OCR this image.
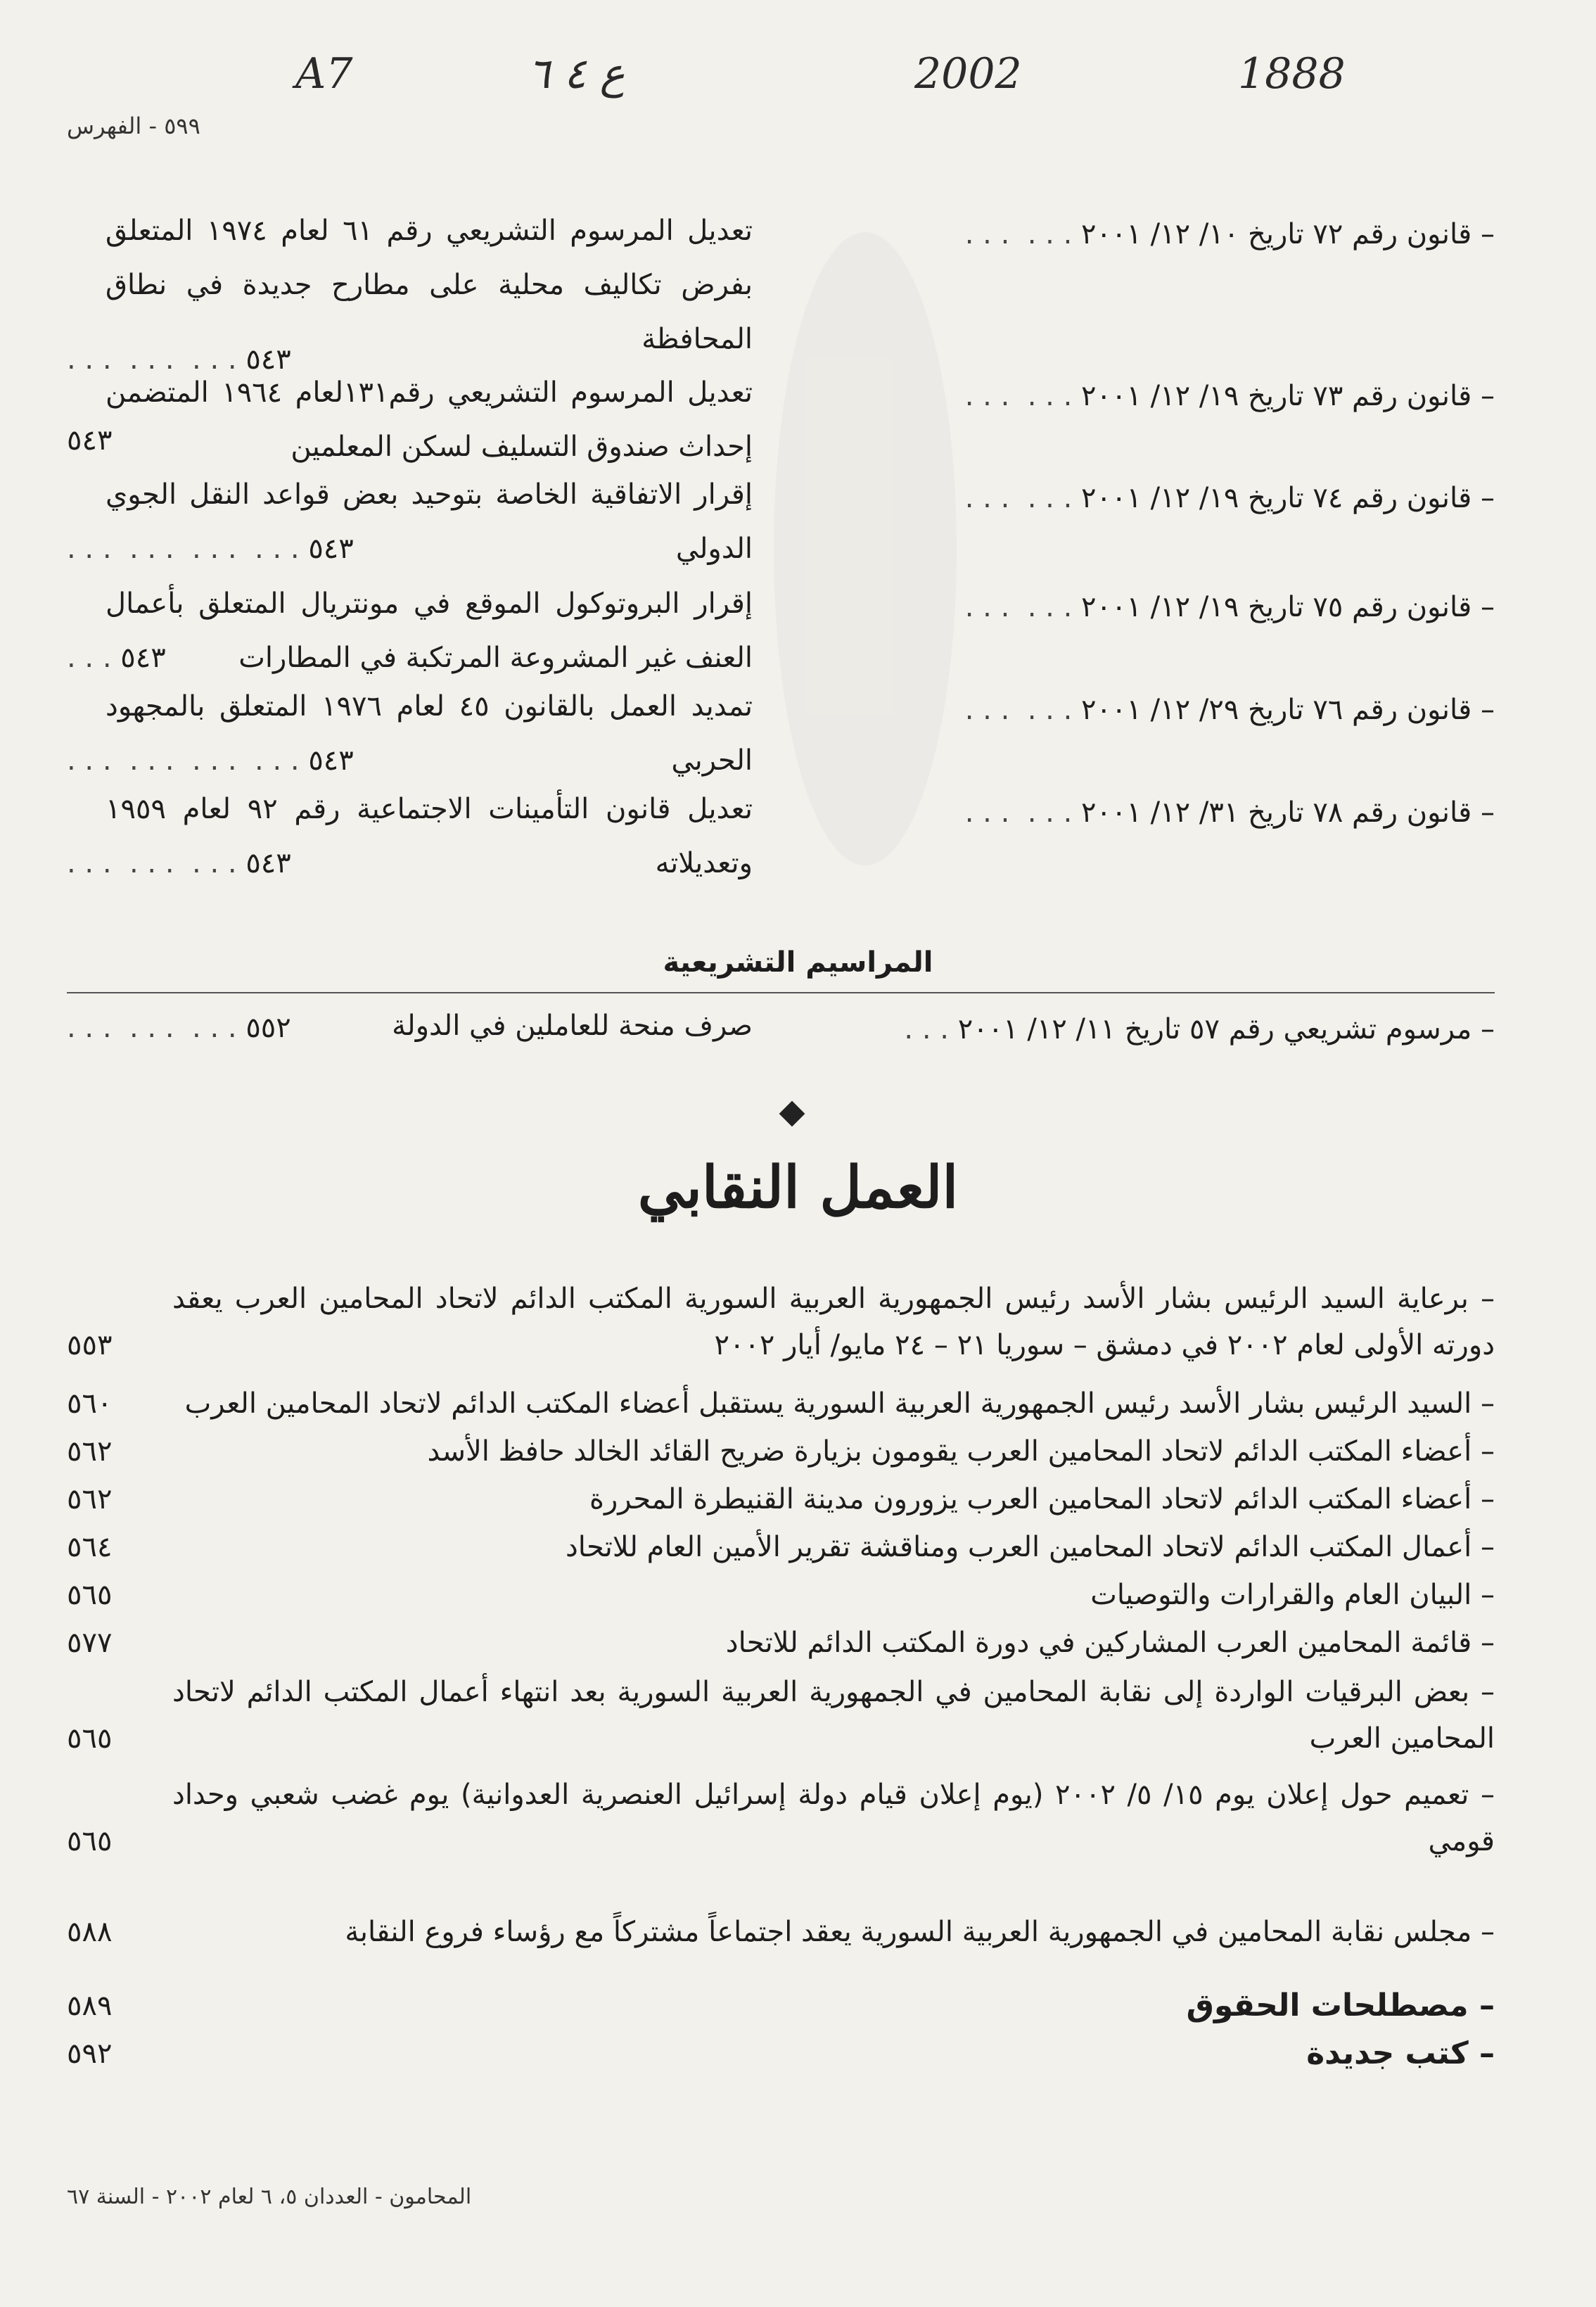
1888
2002
ع ٤ ٦
A7
٥٩٩ - الفهرس
– قانون رقم ٧٢ تاريخ ١٠/ ١٢/ ٢٠٠١ . . .  . . .
تعديل المرسوم التشريعي رقم ٦١ لعام ١٩٧٤ المتعلق بفرض تكاليف محلية على مطارح جديدة في نطاق المحافظة
٥٤٣ . . .  . . .  . . .
– قانون رقم ٧٣ تاريخ ١٩/ ١٢/ ٢٠٠١ . . .  . . .
تعديل المرسوم التشريعي رقم١٣١لعام ١٩٦٤ المتضمن إحداث صندوق التسليف لسكن المعلمين
٥٤٣
– قانون رقم ٧٤ تاريخ ١٩/ ١٢/ ٢٠٠١ . . .  . . .
إقرار الاتفاقية الخاصة بتوحيد بعض قواعد النقل الجوي الدولي
٥٤٣ . . .  . . .  . . .  . . .
– قانون رقم ٧٥ تاريخ ١٩/ ١٢/ ٢٠٠١ . . .  . . .
إقرار البروتوكول الموقع في مونتريال المتعلق بأعمال العنف غير المشروعة المرتكبة في المطارات
٥٤٣ . . .
– قانون رقم ٧٦ تاريخ ٢٩/ ١٢/ ٢٠٠١ . . .  . . .
تمديد العمل بالقانون ٤٥ لعام ١٩٧٦ المتعلق بالمجهود الحربي
٥٤٣ . . .  . . .  . . .  . . .
– قانون رقم ٧٨ تاريخ ٣١/ ١٢/ ٢٠٠١ . . .  . . .
تعديل قانون التأمينات الاجتماعية رقم ٩٢ لعام ١٩٥٩ وتعديلاته
٥٤٣ . . .  . . .  . . .
المراسيم التشريعية
– مرسوم تشريعي رقم ٥٧ تاريخ ١١/ ١٢/ ٢٠٠١ . . .
صرف منحة للعاملين في الدولة
٥٥٢ . . .  . . .  . . .
العمل النقابي
– برعاية السيد الرئيس بشار الأسد رئيس الجمهورية العربية السورية المكتب الدائم لاتحاد المحامين العرب يعقد دورته الأولى لعام ٢٠٠٢ في دمشق – سوريا ٢١ – ٢٤ مايو/ أيار ٢٠٠٢
٥٥٣
– السيد الرئيس بشار الأسد رئيس الجمهورية العربية السورية يستقبل أعضاء المكتب الدائم لاتحاد المحامين العرب
٥٦٠
– أعضاء المكتب الدائم لاتحاد المحامين العرب يقومون بزيارة ضريح القائد الخالد حافظ الأسد
٥٦٢
– أعضاء المكتب الدائم لاتحاد المحامين العرب يزورون مدينة القنيطرة المحررة
٥٦٢
– أعمال المكتب الدائم لاتحاد المحامين العرب ومناقشة تقرير الأمين العام للاتحاد
٥٦٤
– البيان العام والقرارات والتوصيات
٥٦٥
– قائمة المحامين العرب المشاركين في دورة المكتب الدائم للاتحاد
٥٧٧
– بعض البرقيات الواردة إلى نقابة المحامين في الجمهورية العربية السورية بعد انتهاء أعمال المكتب الدائم لاتحاد المحامين العرب
٥٦٥
– تعميم حول إعلان يوم ١٥/ ٥/ ٢٠٠٢ (يوم إعلان قيام دولة إسرائيل العنصرية العدوانية) يوم غضب شعبي وحداد قومي
٥٦٥
– مجلس نقابة المحامين في الجمهورية العربية السورية يعقد اجتماعاً مشتركاً مع رؤساء فروع النقابة
٥٨٨
– مصطلحات الحقوق
٥٨٩
– كتب جديدة
٥٩٢
المحامون - العددان ٥، ٦ لعام ٢٠٠٢ - السنة ٦٧
